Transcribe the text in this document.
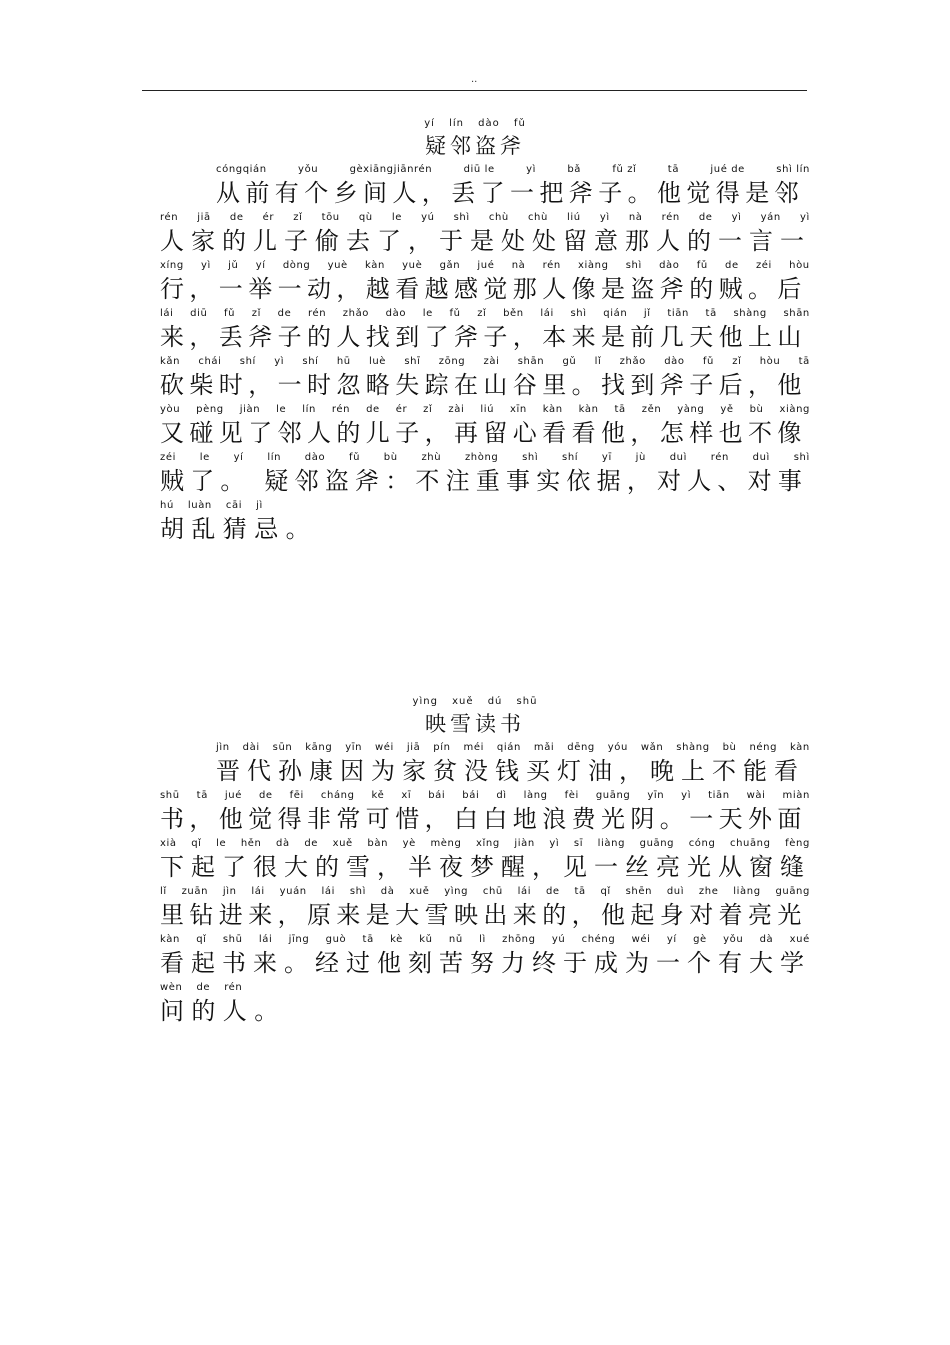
..
yí lín dào fǔ
疑邻盗斧
cóngqián	yǒu	gèxiāngjiānrén	diū le	yì	bǎ	fǔ zǐ	tā	jué de	shì lín
从前有个乡间人，丢了一把斧子。他觉得是邻
rén jiā de ér zǐ tōu qù le yú shì chù chù liú yì nà rén de yì yán yì
人家的儿子偷去了，于是处处留意那人的一言一
xíng yì jǔ yí dòng yuè kàn yuè gǎn jué nà rén xiàng shì dào fǔ de zéi hòu
行，一举一动，越看越感觉那人像是盗斧的贼。后
lái diū fǔ zǐ de rén zhǎo dào le fǔ zǐ běn lái shì qián jǐ tiān tā shàng shān
来，丢斧子的人找到了斧子，本来是前几天他上山
kǎn chái shí yì shí hū luè shī zōng zài shān gǔ lǐ zhǎo dào fǔ zǐ hòu tā
砍柴时，一时忽略失踪在山谷里。找到斧子后，他
yòu pèng jiàn le lín rén de ér zǐ zài liú xīn kàn kàn tā zěn yàng yě bù xiàng
又碰见了邻人的儿子，再留心看看他，怎样也不像
zéi le yí lín dào fǔ bù zhù zhòng shì shí yī jù duì rén duì shì
贼了。 疑邻盗斧：不注重事实依据，对人、对事
hú luàn cāi jì
胡乱猜忌。
yìng xuě dú shū
映雪读书
jìn dài sūn kāng yīn wéi jiā pín méi qián mǎi dēng yóu wǎn shàng bù néng kàn
晋代孙康因为家贫没钱买灯油，晚上不能看
shū tā jué de fēi cháng kě xī bái bái dì làng fèi guāng yīn yì tiān wài miàn
书，他觉得非常可惜，白白地浪费光阴。一天外面
xià qǐ le hěn dà de xuě bàn yè mèng xǐng jiàn yì sī liàng guāng cóng chuāng fèng
下起了很大的雪，半夜梦醒，见一丝亮光从窗缝
lǐ zuān jìn lái yuán lái shì dà xuě yìng chū lái de tā qǐ shēn duì zhe liàng guāng
里钻进来，原来是大雪映出来的，他起身对着亮光
kàn qǐ shū lái jīng guò tā kè kǔ nǔ lì zhōng yú chéng wéi yí gè yǒu dà xué
看起书来。经过他刻苦努力终于成为一个有大学
wèn de rén
问的人。
